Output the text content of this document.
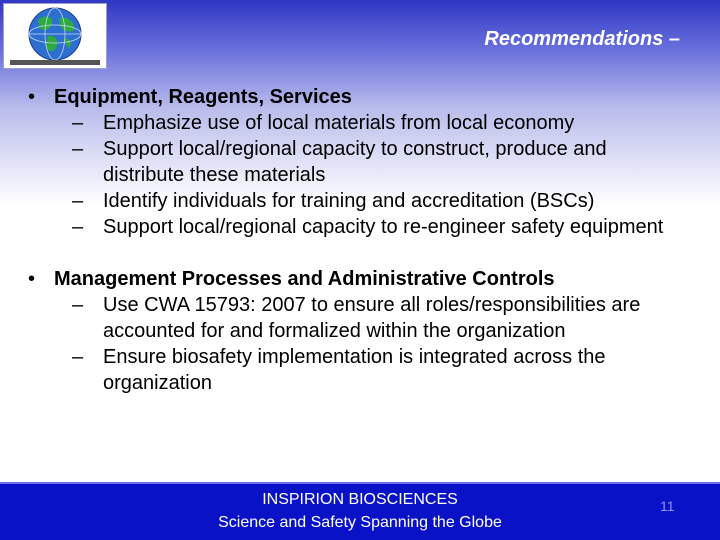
Recommendations –
• Equipment, Reagents, Services
– Emphasize use of local materials from local economy
– Support local/regional capacity to construct, produce and distribute these materials
– Identify individuals for training and accreditation (BSCs)
– Support local/regional capacity to re-engineer safety equipment
• Management Processes and Administrative Controls
– Use CWA 15793: 2007 to ensure all roles/responsibilities are accounted for and formalized within the organization
– Ensure biosafety implementation is integrated across the organization
INSPIRION BIOSCIENCES
Science and Safety Spanning the Globe
11
